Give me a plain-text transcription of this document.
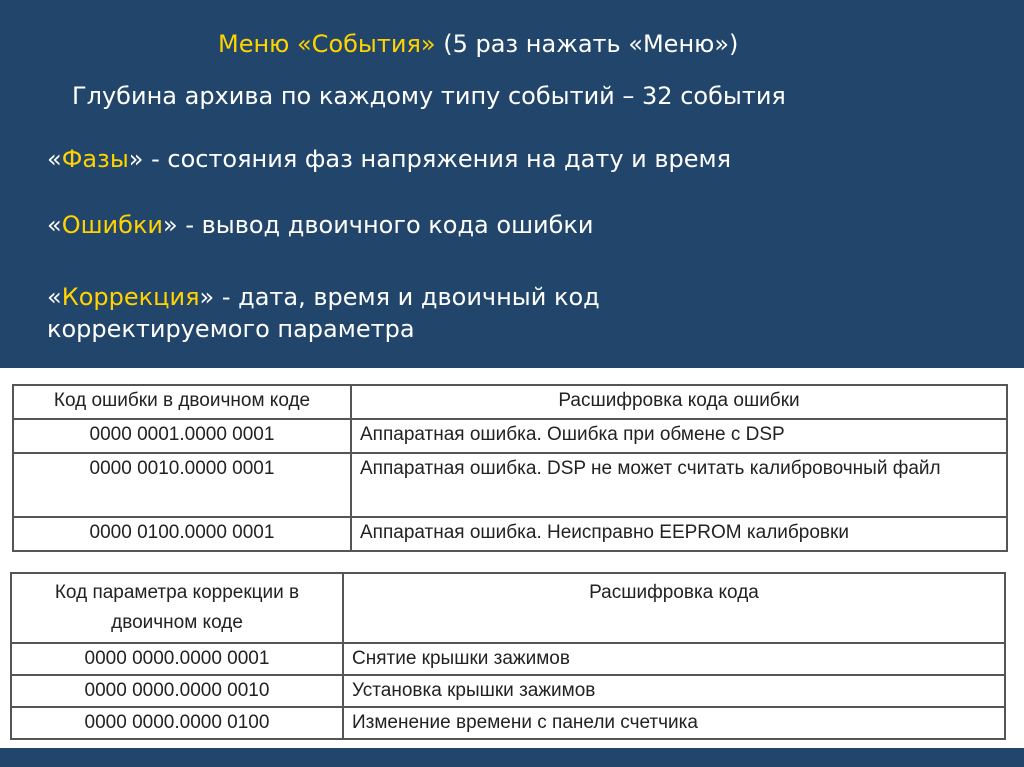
Меню «События» (5 раз нажать «Меню»)
Глубина архива по каждому типу событий – 32 события
«Фазы» - состояния фаз напряжения на дату и время
«Ошибки» - вывод двоичного кода ошибки
«Коррекция» - дата, время и двоичный код
корректируемого параметра
Код ошибки в двоичном коде	Расшифровка кода ошибки
0000 0001.0000 0001	Аппаратная ошибка. Ошибка при обмене с DSP
0000 0010.0000 0001	Аппаратная ошибка. DSP не может считать калибровочный файл
0000 0100.0000 0001	Аппаратная ошибка. Неисправно EEPROM калибровки
Код параметра коррекции в двоичном коде	Расшифровка кода
0000 0000.0000 0001	Снятие крышки зажимов
0000 0000.0000 0010	Установка крышки зажимов
0000 0000.0000 0100	Изменение времени с панели счетчика
